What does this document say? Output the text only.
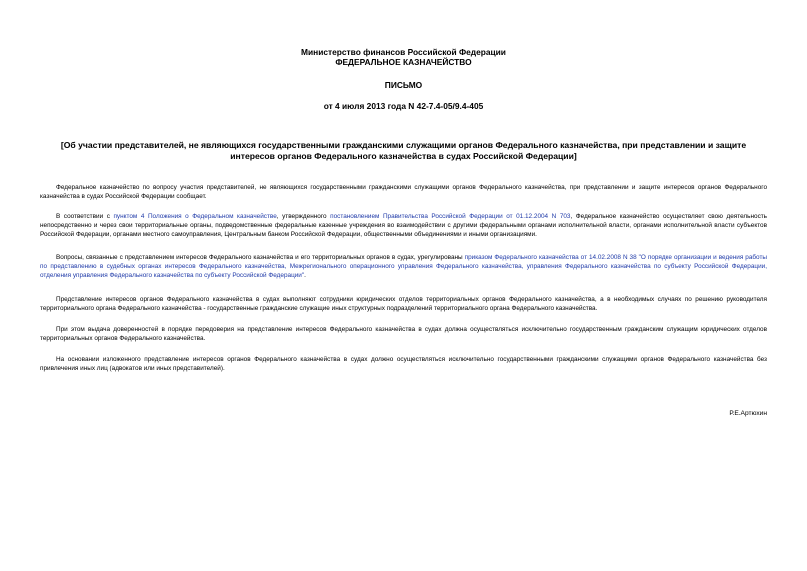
Министерство финансов Российской Федерации
ФЕДЕРАЛЬНОЕ КАЗНАЧЕЙСТВО
ПИСЬМО
от 4 июля 2013 года N 42-7.4-05/9.4-405
[Об участии представителей, не являющихся государственными гражданскими служащими органов Федерального казначейства, при представлении и защите интересов органов Федерального казначейства в судах Российской Федерации]
Федеральное казначейство по вопросу участия представителей, не являющихся государственными гражданскими служащими органов Федерального казначейства, при представлении и защите интересов органов Федерального казначейства в судах Российской Федерации сообщает.
В соответствии с пунктом 4 Положения о Федеральном казначействе, утвержденного постановлением Правительства Российской Федерации от 01.12.2004 N 703, Федеральное казначейство осуществляет свою деятельность непосредственно и через свои территориальные органы, подведомственные федеральные казенные учреждения во взаимодействии с другими федеральными органами исполнительной власти, органами исполнительной власти субъектов Российской Федерации, органами местного самоуправления, Центральным банком Российской Федерации, общественными объединениями и иными организациями.
Вопросы, связанные с представлением интересов Федерального казначейства и его территориальных органов в судах, урегулированы приказом Федерального казначейства от 14.02.2008 N 38 "О порядке организации и ведения работы по представлению в судебных органах интересов Федерального казначейства, Межрегионального операционного управления Федерального казначейства, управления Федерального казначейства по субъекту Российской Федерации, отделения управления Федерального казначейства по субъекту Российской Федерации".
Представление интересов органов Федерального казначейства в судах выполняют сотрудники юридических отделов территориальных органов Федерального казначейства, а в необходимых случаях по решению руководителя территориального органа Федерального казначейства - государственные гражданские служащие иных структурных подразделений территориального органа Федерального казначейства.
При этом выдача доверенностей в порядке передоверия на представление интересов Федерального казначейства в судах должна осуществляться исключительно государственным гражданским служащим юридических отделов территориальных органов Федерального казначейства.
На основании изложенного представление интересов органов Федерального казначейства в судах должно осуществляться исключительно государственными гражданскими служащими органов Федерального казначейства без привлечения иных лиц (адвокатов или иных представителей).
Р.Е.Артюхин
